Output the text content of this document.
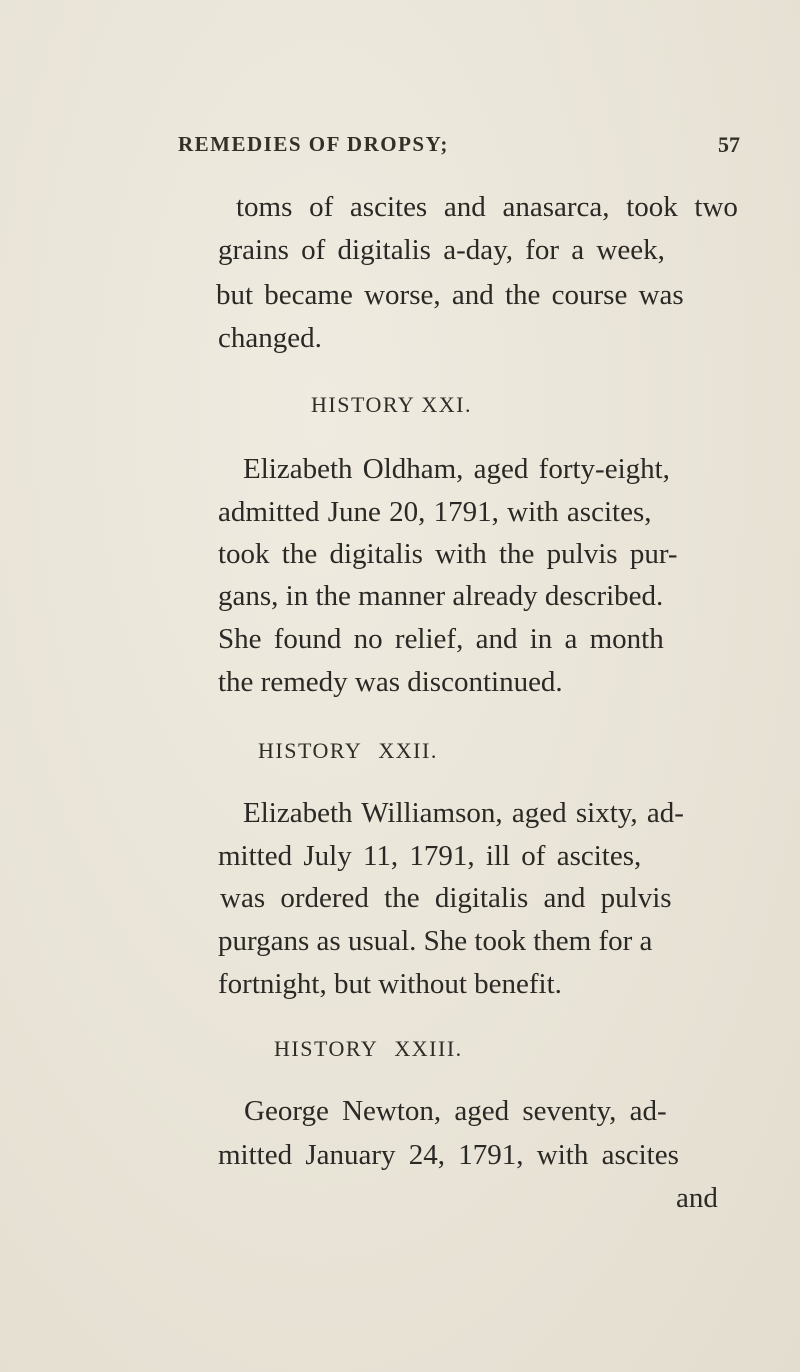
REMEDIES OF DROPSY;	57
toms of ascites and anasarca, took two
grains of digitalis a-day, for a week,
but became worse, and the course was
changed.
HISTORY XXI.
Elizabeth Oldham, aged forty-eight,
admitted June 20, 1791, with ascites,
took the digitalis with the pulvis pur-
gans, in the manner already described.
She found no relief, and in a month
the remedy was discontinued.
HISTORY XXII.
Elizabeth Williamson, aged sixty, ad-
mitted July 11, 1791, ill of ascites,
was ordered the digitalis and pulvis
purgans as usual. She took them for a
fortnight, but without benefit.
HISTORY XXIII.
George Newton, aged seventy, ad-
mitted January 24, 1791, with ascites
and
